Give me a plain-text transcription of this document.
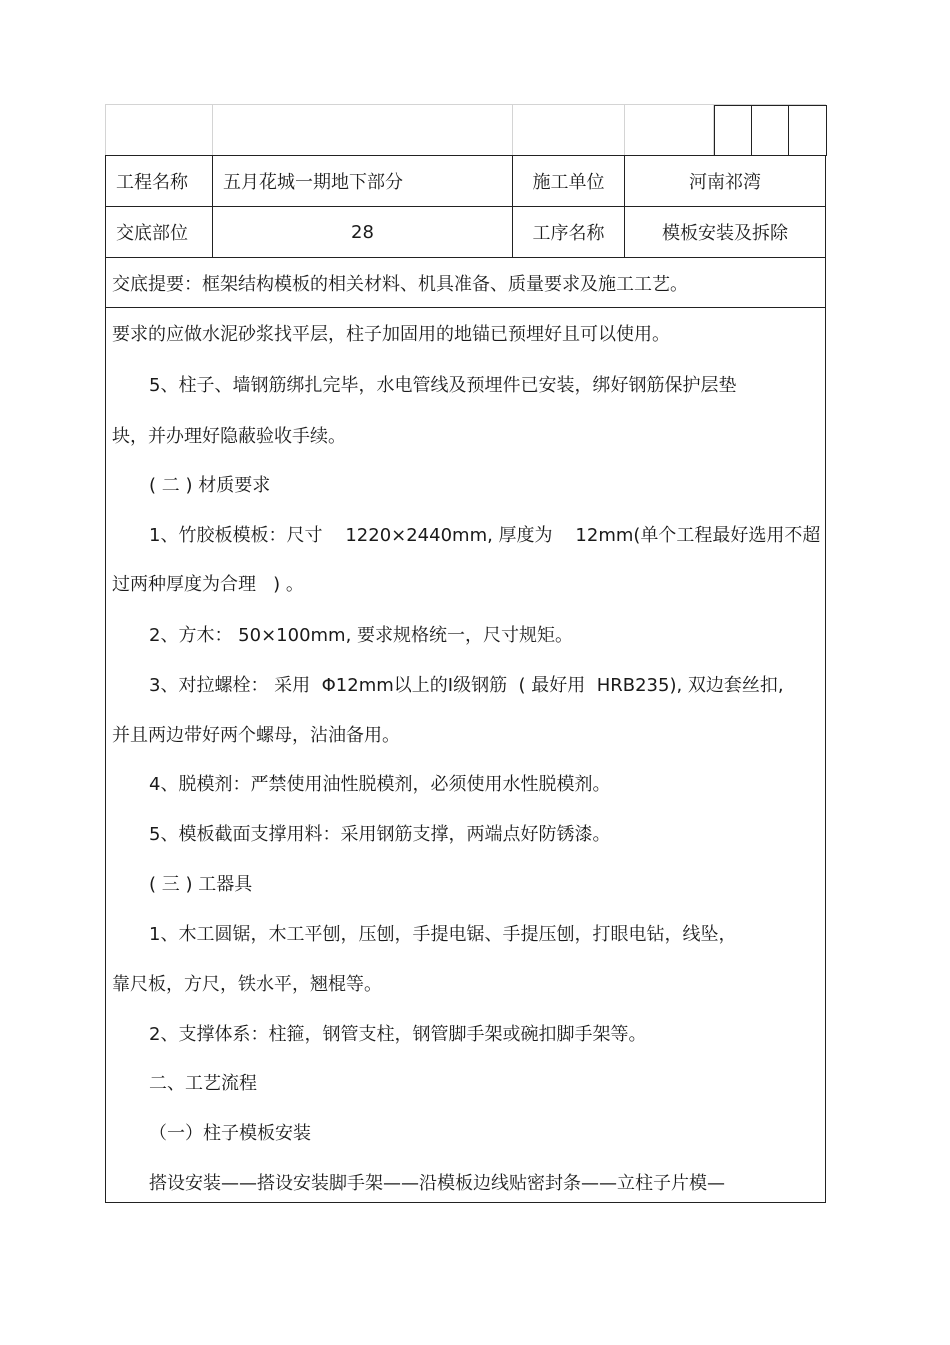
工程名称	五月花城一期地下部分	施工单位	河南祁湾
交底部位	28	工序名称	模板安装及拆除
交底提要：框架结构模板的相关材料、机具准备、质量要求及施工工艺。
要求的应做水泥砂浆找平层，柱子加固用的地锚已预埋好且可以使用。
5、柱子、墙钢筋绑扎完毕，水电管线及预埋件已安装，绑好钢筋保护层垫
块，并办理好隐蔽验收手续。
( 二 ) 材质要求
1、竹胶板模板：尺寸    1220×2440mm, 厚度为    12mm(单个工程最好选用不超
过两种厚度为合理   ) 。
2、方木： 50×100mm, 要求规格统一，尺寸规矩。
3、对拉螺栓： 采用  Φ12mm以上的Ⅰ级钢筋  ( 最好用  HRB235), 双边套丝扣,
并且两边带好两个螺母，沾油备用。
4、脱模剂：严禁使用油性脱模剂，必须使用水性脱模剂。
5、模板截面支撑用料：采用钢筋支撑，两端点好防锈漆。
( 三 ) 工器具
1、木工圆锯，木工平刨，压刨，手提电锯、手提压刨，打眼电钻，线坠，
靠尺板，方尺，铁水平，翘棍等。
2、支撑体系：柱箍，钢管支柱，钢管脚手架或碗扣脚手架等。
二、工艺流程
（一）柱子模板安装
搭设安装——搭设安装脚手架——沿模板边线贴密封条——立柱子片模—
